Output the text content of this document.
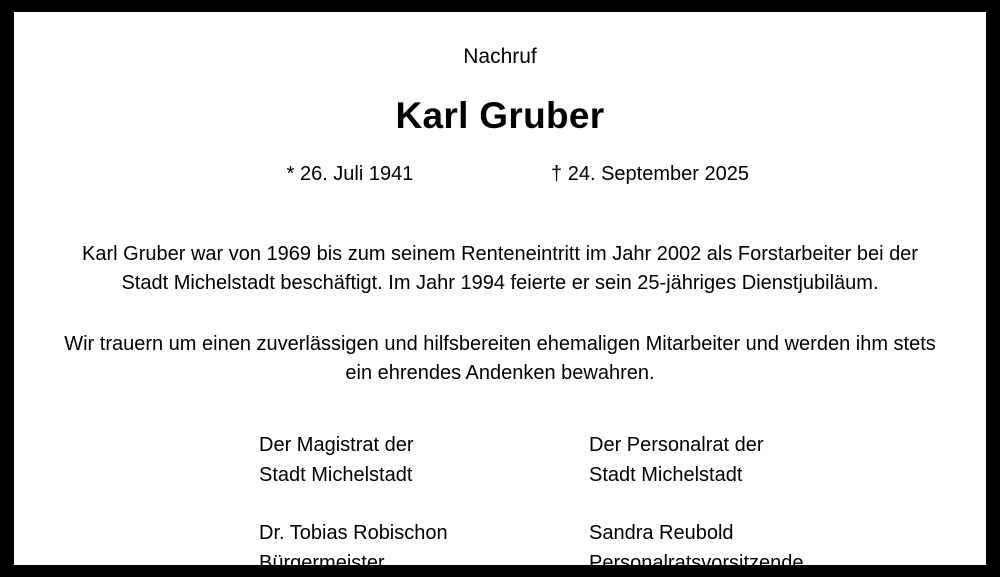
Nachruf
Karl Gruber
* 26. Juli 1941	† 24. September 2025

Karl Gruber war von 1969 bis zum seinem Renteneintritt im Jahr 2002 als Forstarbeiter bei der Stadt Michelstadt beschäftigt. Im Jahr 1994 feierte er sein 25-jähriges Dienstjubiläum.

Wir trauern um einen zuverlässigen und hilfsbereiten ehemaligen Mitarbeiter und werden ihm stets ein ehrendes Andenken bewahren.

Der Magistrat der
Stadt Michelstadt
Dr. Tobias Robischon
Bürgermeister
Der Personalrat der
Stadt Michelstadt
Sandra Reubold
Personalratsvorsitzende
